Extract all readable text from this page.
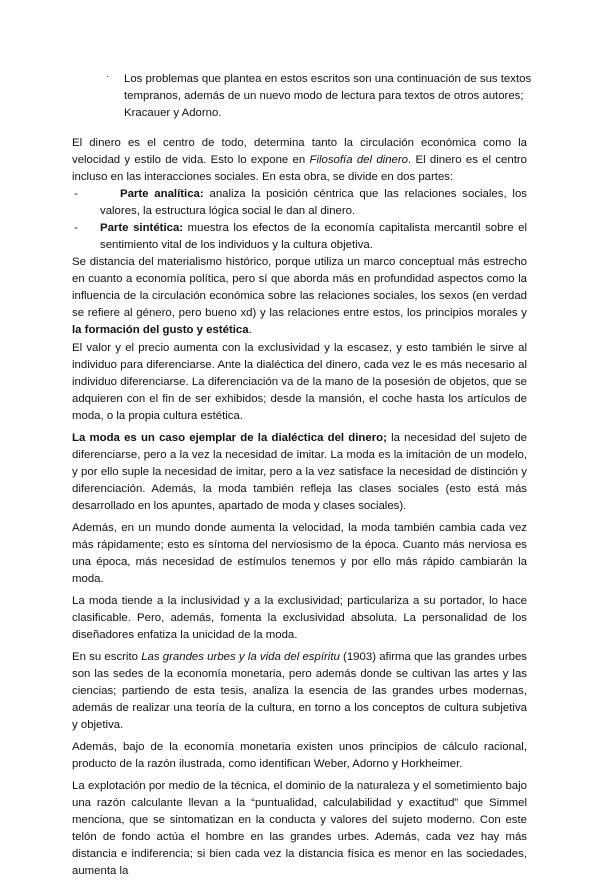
· Los problemas que plantea en estos escritos son una continuación de sus textos tempranos, además de un nuevo modo de lectura para textos de otros autores; Kracauer y Adorno.

El dinero es el centro de todo, determina tanto la circulación económica como la velocidad y estilo de vida. Esto lo expone en Filosofía del dinero. El dinero es el centro incluso en las interacciones sociales. En esta obra, se divide en dos partes:

-	Parte analítica: analiza la posición céntrica que las relaciones sociales, los valores, la estructura lógica social le dan al dinero.
- Parte sintética: muestra los efectos de la economía capitalista mercantil sobre el sentimiento vital de los individuos y la cultura objetiva.

Se distancia del materialismo histórico, porque utiliza un marco conceptual más estrecho en cuanto a economía política, pero sí que aborda más en profundidad aspectos como la influencia de la circulación económica sobre las relaciones sociales, los sexos (en verdad se refiere al género, pero bueno xd) y las relaciones entre estos, los principios morales y la formación del gusto y estética.

El valor y el precio aumenta con la exclusividad y la escasez, y esto también le sirve al individuo para diferenciarse. Ante la dialéctica del dinero, cada vez le es más necesario al individuo diferenciarse. La diferenciación va de la mano de la posesión de objetos, que se adquieren con el fin de ser exhibidos; desde la mansión, el coche hasta los artículos de moda, o la propia cultura estética.

La moda es un caso ejemplar de la dialéctica del dinero; la necesidad del sujeto de diferenciarse, pero a la vez la necesidad de imitar. La moda es la imitación de un modelo, y por ello suple la necesidad de imitar, pero a la vez satisface la necesidad de distinción y diferenciación. Además, la moda también refleja las clases sociales (esto está más desarrollado en los apuntes, apartado de moda y clases sociales).

Además, en un mundo donde aumenta la velocidad, la moda también cambia cada vez más rápidamente; esto es síntoma del nerviosismo de la época. Cuanto más nerviosa es una época, más necesidad de estímulos tenemos y por ello más rápido cambiarán la moda.

La moda tiende a la inclusividad y a la exclusividad; particulariza a su portador, lo hace clasificable. Pero, además, fomenta la exclusividad absoluta. La personalidad de los diseñadores enfatiza la unicidad de la moda.

En su escrito Las grandes urbes y la vida del espíritu (1903) afirma que las grandes urbes son las sedes de la economía monetaria, pero además donde se cultivan las artes y las ciencias; partiendo de esta tesis, analiza la esencia de las grandes urbes modernas, además de realizar una teoría de la cultura, en torno a los conceptos de cultura subjetiva y objetiva.

Además, bajo de la economía monetaria existen unos principios de cálculo racional, producto de la razón ilustrada, como identifican Weber, Adorno y Horkheimer.

La explotación por medio de la técnica, el dominio de la naturaleza y el sometimiento bajo una razón calculante llevan a la “puntualidad, calculabilidad y exactitud” que Simmel menciona, que se sintomatizan en la conducta y valores del sujeto moderno. Con este telón de fondo actúa el hombre en las grandes urbes. Además, cada vez hay más distancia e indiferencia; si bien cada vez la distancia física es menor en las sociedades, aumenta la
